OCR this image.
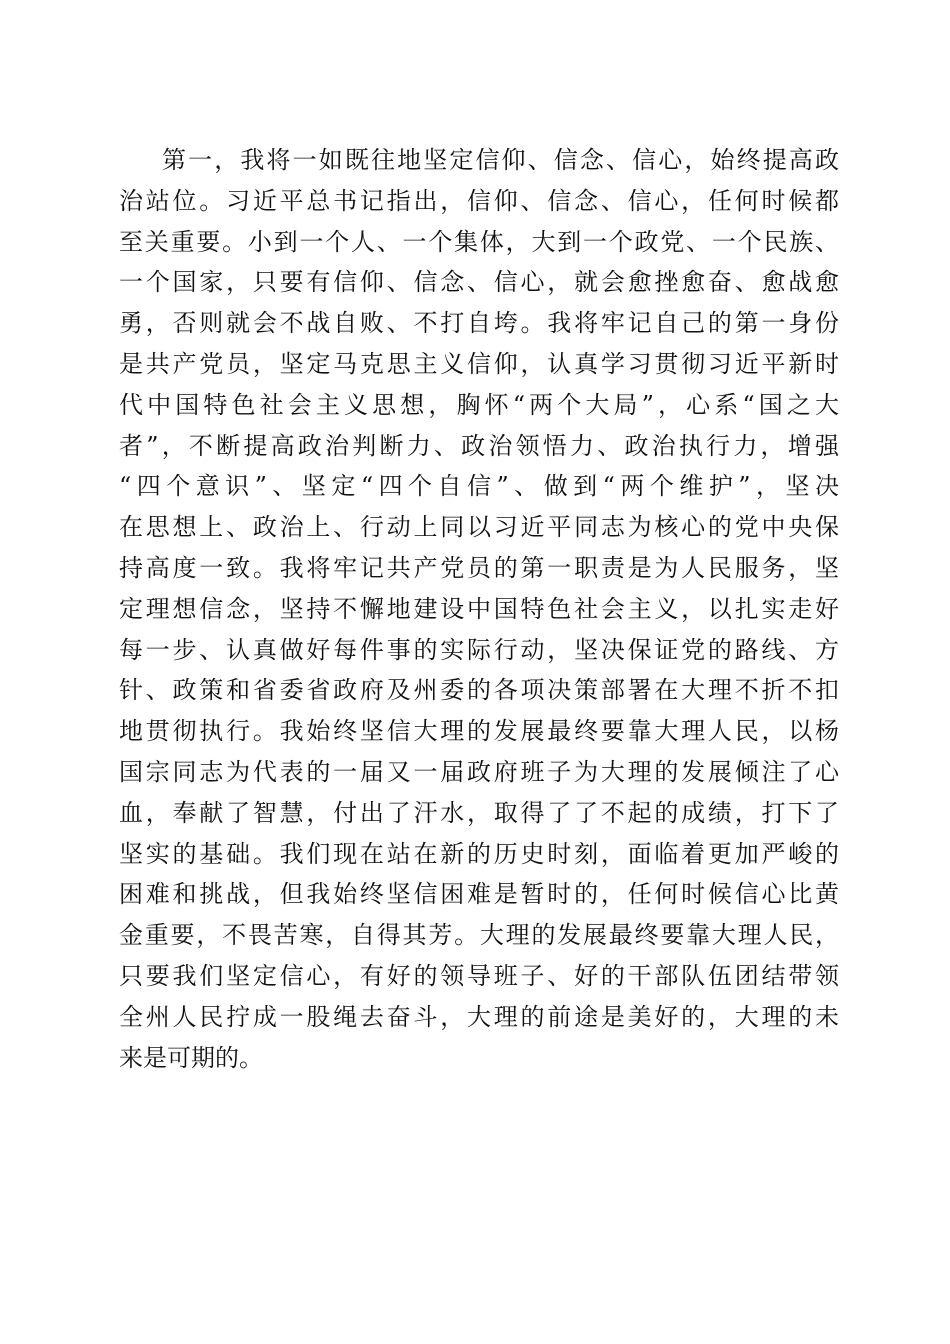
第一，我将一如既往地坚定信仰、信念、信心，始终提高政
治站位。习近平总书记指出，信仰、信念、信心，任何时候都
至关重要。小到一个人、一个集体，大到一个政党、一个民族、
一个国家，只要有信仰、信念、信心，就会愈挫愈奋、愈战愈
勇，否则就会不战自败、不打自垮。我将牢记自己的第一身份
是共产党员，坚定马克思主义信仰，认真学习贯彻习近平新时
代中国特色社会主义思想，胸怀“两个大局”，心系“国之大
者”，不断提高政治判断力、政治领悟力、政治执行力，增强
“四个意识”、坚定“四个自信”、做到“两个维护”，坚决
在思想上、政治上、行动上同以习近平同志为核心的党中央保
持高度一致。我将牢记共产党员的第一职责是为人民服务，坚
定理想信念，坚持不懈地建设中国特色社会主义，以扎实走好
每一步、认真做好每件事的实际行动，坚决保证党的路线、方
针、政策和省委省政府及州委的各项决策部署在大理不折不扣
地贯彻执行。我始终坚信大理的发展最终要靠大理人民，以杨
国宗同志为代表的一届又一届政府班子为大理的发展倾注了心
血，奉献了智慧，付出了汗水，取得了了不起的成绩，打下了
坚实的基础。我们现在站在新的历史时刻，面临着更加严峻的
困难和挑战，但我始终坚信困难是暂时的，任何时候信心比黄
金重要，不畏苦寒，自得其芳。大理的发展最终要靠大理人民，
只要我们坚定信心，有好的领导班子、好的干部队伍团结带领
全州人民拧成一股绳去奋斗，大理的前途是美好的，大理的未
来是可期的。
